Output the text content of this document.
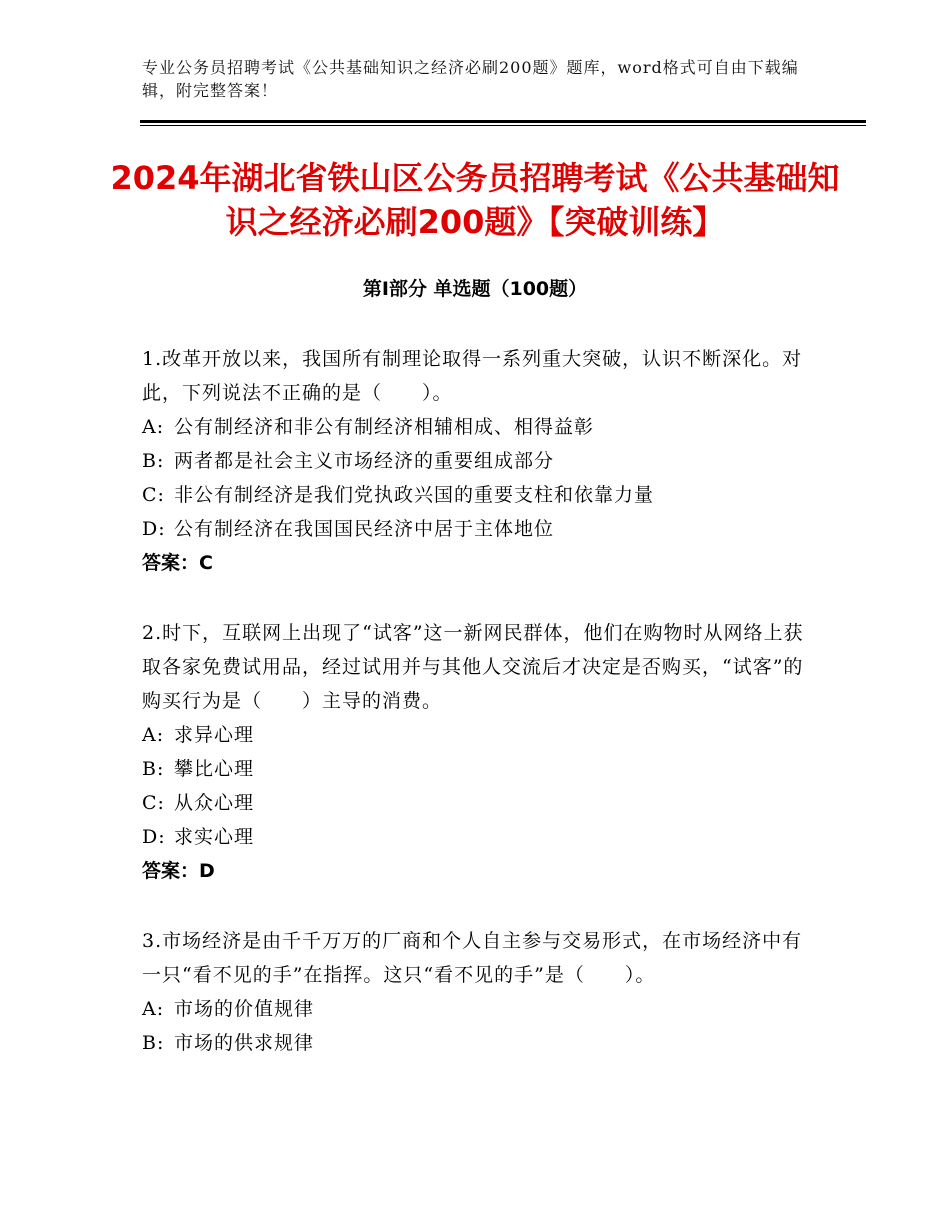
专业公务员招聘考试《公共基础知识之经济必刷200题》题库，word格式可自由下载编辑，附完整答案！
2024年湖北省铁山区公务员招聘考试《公共基础知识之经济必刷200题》【突破训练】
第Ⅰ部分 单选题（100题）

1.改革开放以来，我国所有制理论取得一系列重大突破，认识不断深化。对此，下列说法不正确的是（　　）。

A: 公有制经济和非公有制经济相辅相成、相得益彰

B: 两者都是社会主义市场经济的重要组成部分

C: 非公有制经济是我们党执政兴国的重要支柱和依靠力量

D: 公有制经济在我国国民经济中居于主体地位

答案：C

2.时下，互联网上出现了“试客”这一新网民群体，他们在购物时从网络上获取各家免费试用品，经过试用并与其他人交流后才决定是否购买，“试客”的购买行为是（　　）主导的消费。

A: 求异心理

B: 攀比心理

C: 从众心理

D: 求实心理

答案：D

3.市场经济是由千千万万的厂商和个人自主参与交易形式，在市场经济中有一只“看不见的手”在指挥。这只“看不见的手”是（　　）。

A: 市场的价值规律

B: 市场的供求规律
